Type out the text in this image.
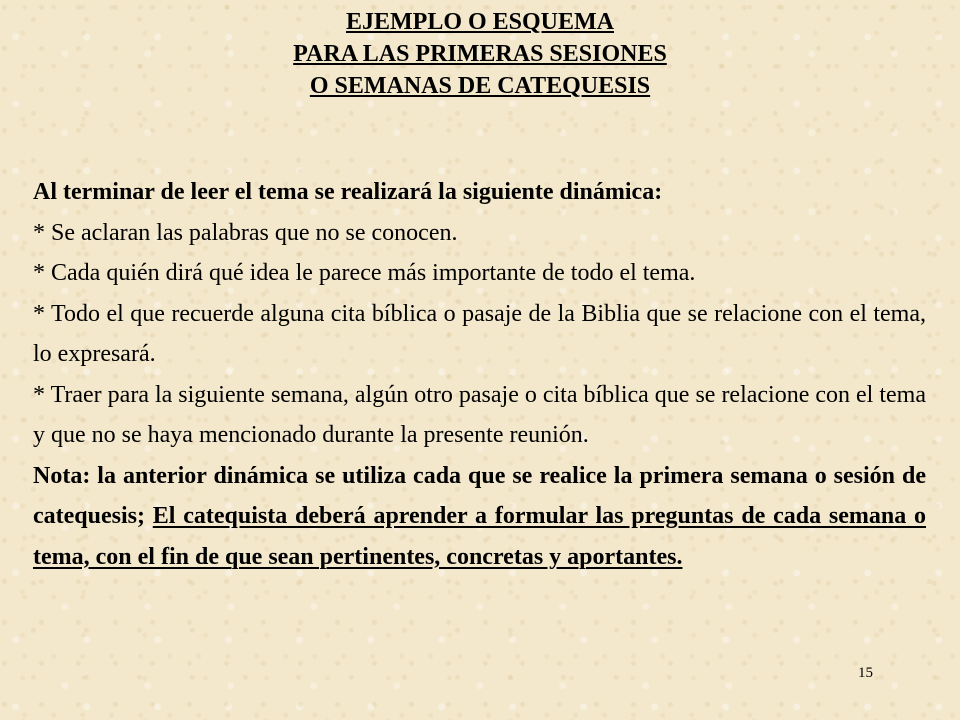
EJEMPLO O ESQUEMA
PARA LAS PRIMERAS SESIONES
O SEMANAS DE CATEQUESIS

Al terminar de leer el tema se realizará la siguiente dinámica:

* Se aclaran las palabras que no se conocen.

* Cada quién dirá qué idea le parece más importante de todo el tema.

* Todo el que recuerde alguna cita bíblica o pasaje de la Biblia que se relacione con el tema, lo expresará.

* Traer para la siguiente semana, algún otro pasaje o cita bíblica que se relacione con el tema y que no se haya mencionado durante la presente reunión.

Nota: la anterior dinámica se utiliza cada que se realice la primera semana o sesión de catequesis; El catequista deberá aprender a formular las preguntas de cada semana o tema, con el fin de que sean pertinentes, concretas y aportantes.

15
